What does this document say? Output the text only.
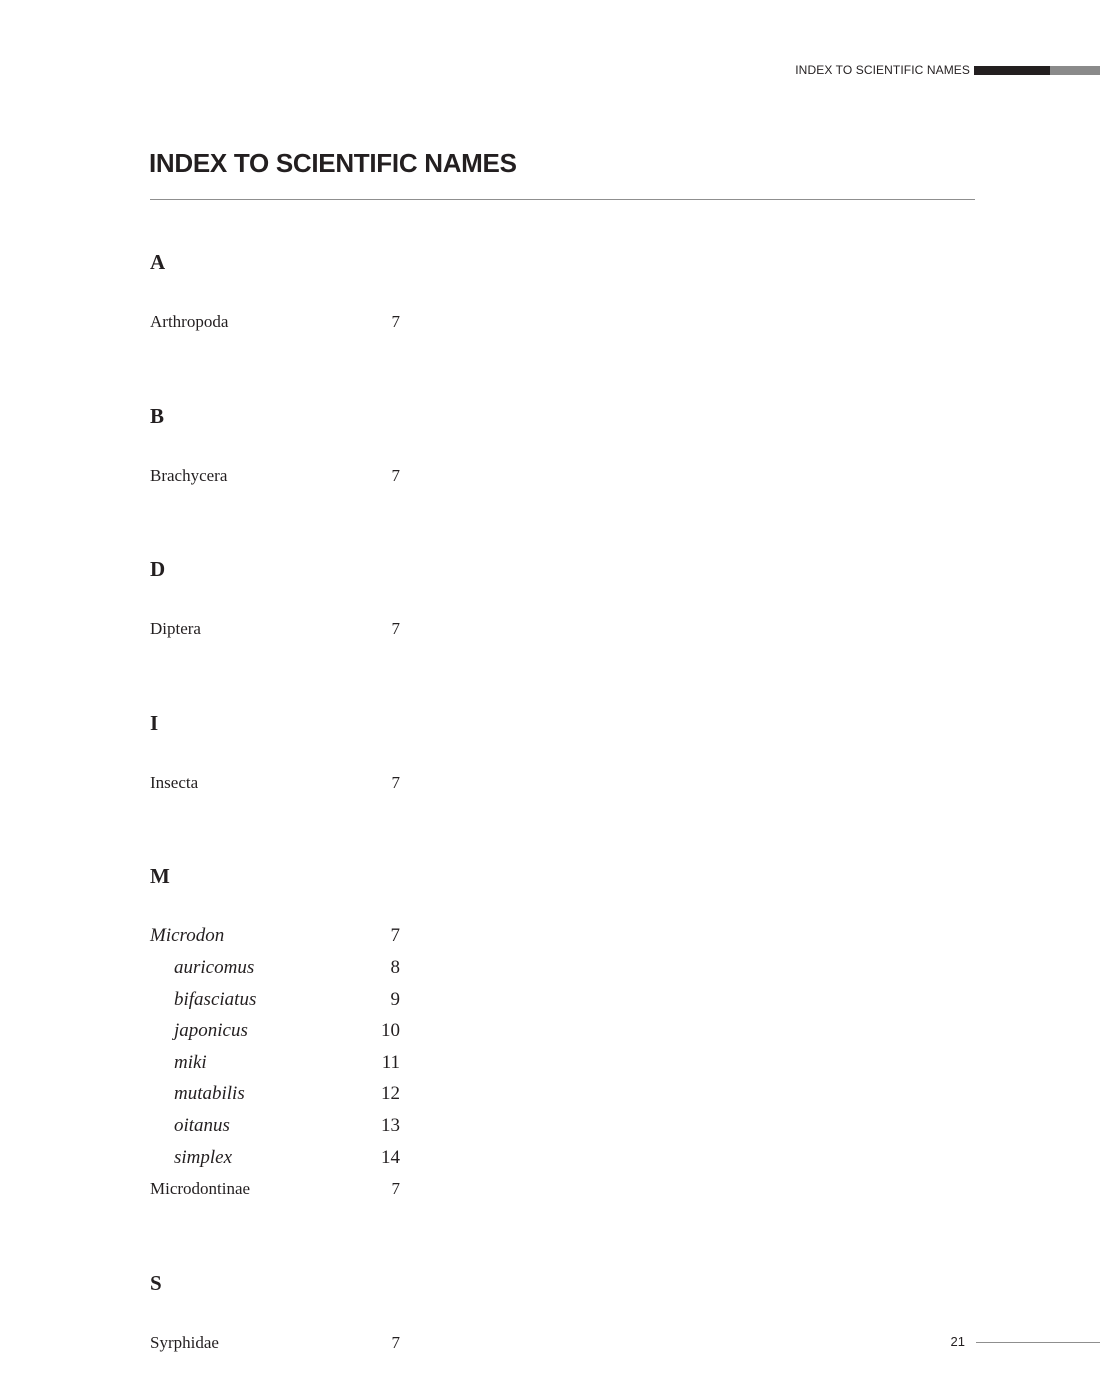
INDEX TO SCIENTIFIC NAMES
INDEX TO SCIENTIFIC NAMES
A
Arthropoda	7
B
Brachycera	7
D
Diptera	7
I
Insecta	7
M
Microdon	7
auricomus	8
bifasciatus	9
japonicus	10
miki	11
mutabilis	12
oitanus	13
simplex	14
Microdontinae	7
S
Syrphidae	7	21
